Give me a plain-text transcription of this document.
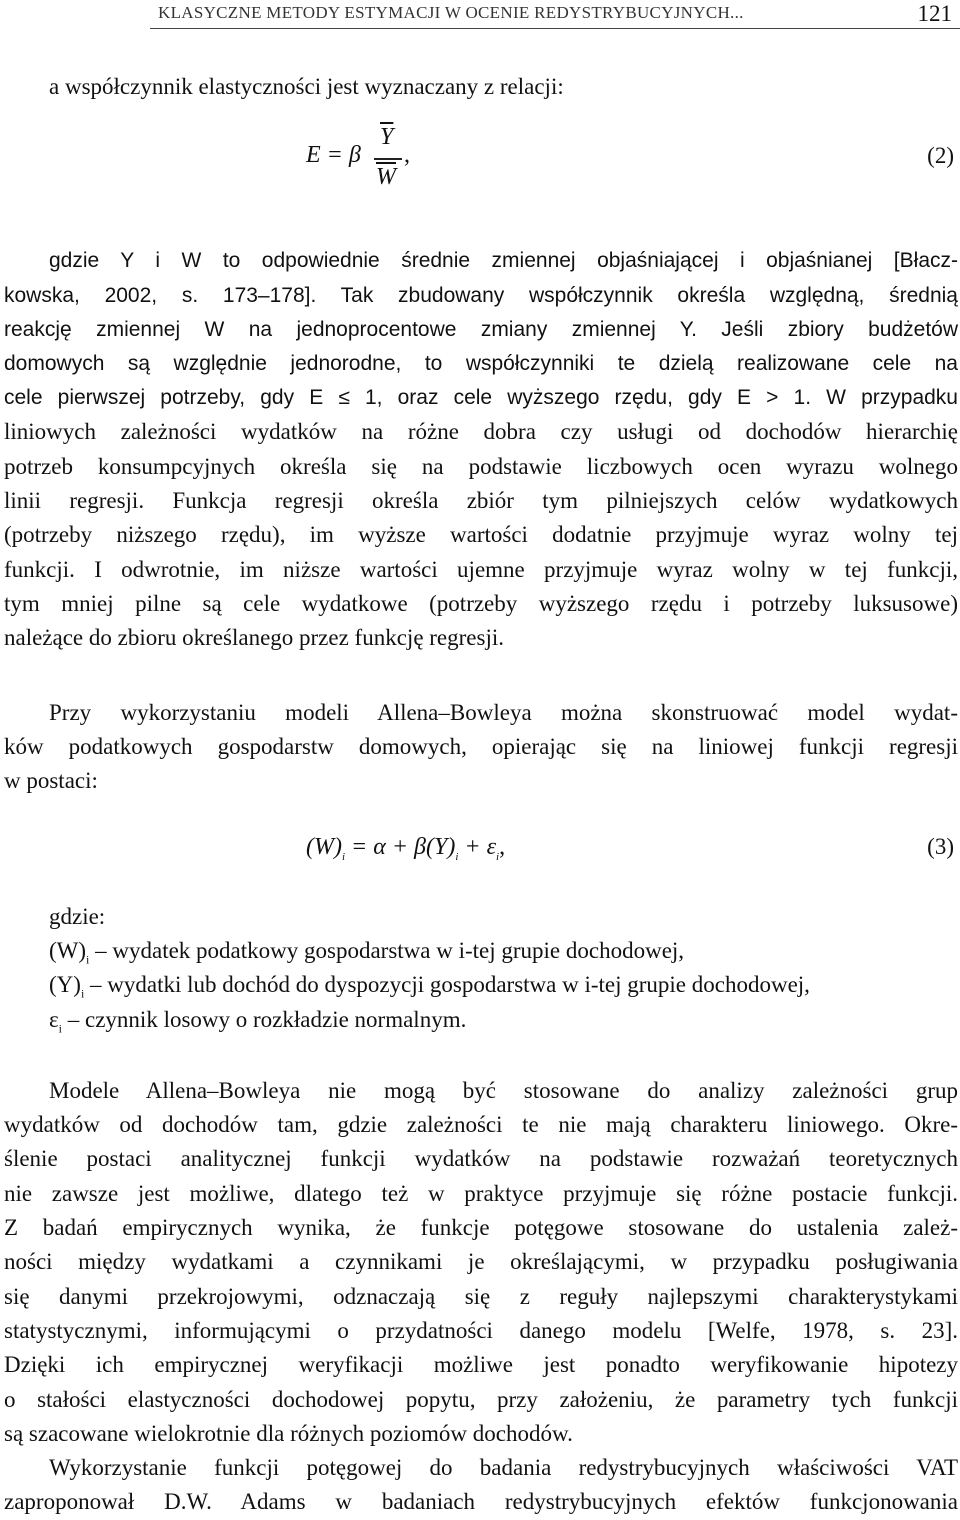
KLASYCZNE METODY ESTYMACJI W OCENIE REDYSTRYBUCYJNYCH...	121
a współczynnik elastyczności jest wyznaczany z relacji:
E = β
$\overline{Y}$
$\overline{W}$
,	(2)
gdzie Y i W to odpowiednie średnie zmiennej objaśniającej i objaśnianej [Błacz-
kowska, 2002, s. 173–178]. Tak zbudowany współczynnik określa względną, średnią
reakcję zmiennej W na jednoprocentowe zmiany zmiennej Y. Jeśli zbiory budżetów
domowych są względnie jednorodne, to współczynniki te dzielą realizowane cele na
cele pierwszej potrzeby, gdy E ≤ 1, oraz cele wyższego rzędu, gdy E > 1. W przypadku
liniowych zależności wydatków na różne dobra czy usługi od dochodów hierarchię
potrzeb konsumpcyjnych określa się na podstawie liczbowych ocen wyrazu wolnego
linii regresji. Funkcja regresji określa zbiór tym pilniejszych celów wydatkowych
(potrzeby niższego rzędu), im wyższe wartości dodatnie przyjmuje wyraz wolny tej
funkcji. I odwrotnie, im niższe wartości ujemne przyjmuje wyraz wolny w tej funkcji,
tym mniej pilne są cele wydatkowe (potrzeby wyższego rzędu i potrzeby luksusowe)
należące do zbioru określanego przez funkcję regresji.
Przy wykorzystaniu modeli Allena–Bowleya można skonstruować model wydat-
ków podatkowych gospodarstw domowych, opierając się na liniowej funkcji regresji
w postaci:
$(W)_i = \alpha + \beta(Y)_i + \varepsilon_i$,	(3)
gdzie:
$(W)_i$ – wydatek podatkowy gospodarstwa w i-tej grupie dochodowej,
$(Y)_i$ – wydatki lub dochód do dyspozycji gospodarstwa w i-tej grupie dochodowej,
$\varepsilon_i$ – czynnik losowy o rozkładzie normalnym.
Modele Allena–Bowleya nie mogą być stosowane do analizy zależności grup
wydatków od dochodów tam, gdzie zależności te nie mają charakteru liniowego. Okre-
ślenie postaci analitycznej funkcji wydatków na podstawie rozważań teoretycznych
nie zawsze jest możliwe, dlatego też w praktyce przyjmuje się różne postacie funkcji.
Z badań empirycznych wynika, że funkcje potęgowe stosowane do ustalenia zależ-
ności między wydatkami a czynnikami je określającymi, w przypadku posługiwania
się danymi przekrojowymi, odznaczają się z reguły najlepszymi charakterystykami
statystycznymi, informującymi o przydatności danego modelu [Welfe, 1978, s. 23].
Dzięki ich empirycznej weryfikacji możliwe jest ponadto weryfikowanie hipotezy
o stałości elastyczności dochodowej popytu, przy założeniu, że parametry tych funkcji
są szacowane wielokrotnie dla różnych poziomów dochodów.
Wykorzystanie funkcji potęgowej do badania redystrybucyjnych właściwości VAT
zaproponował D.W. Adams w badaniach redystrybucyjnych efektów funkcjonowania
